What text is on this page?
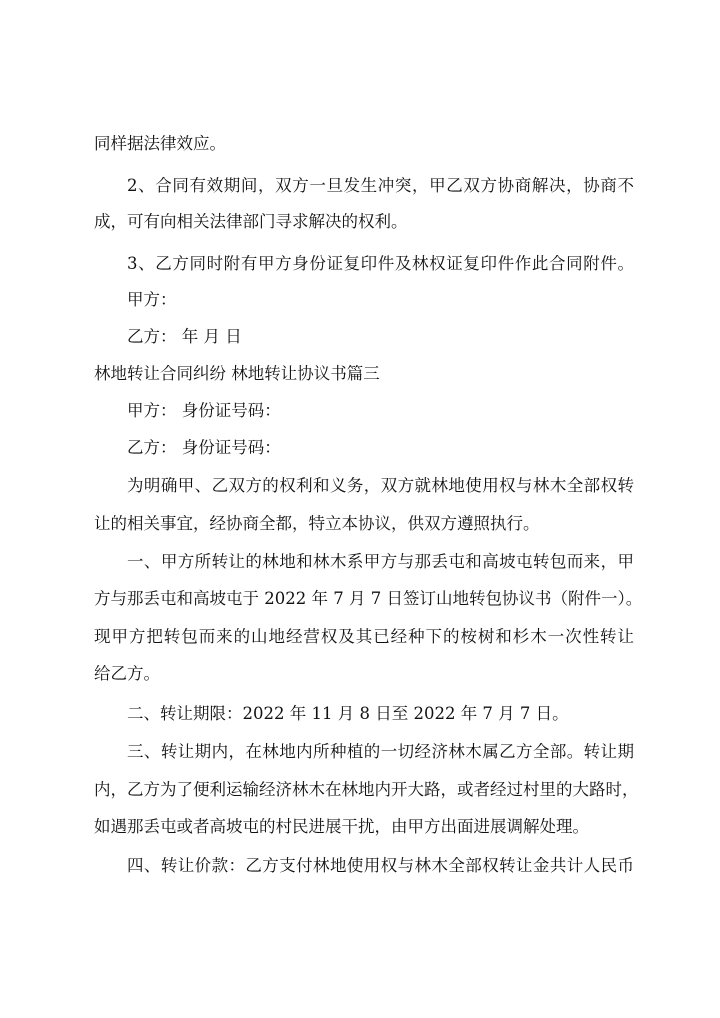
同样据法律效应。
2、合同有效期间，双方一旦发生冲突，甲乙双方协商解决，协商不
成，可有向相关法律部门寻求解决的权利。
3、乙方同时附有甲方身份证复印件及林权证复印件作此合同附件。
甲方：
乙方： 年 月 日
林地转让合同纠纷 林地转让协议书篇三
甲方： 身份证号码：
乙方： 身份证号码：
为明确甲、乙双方的权利和义务，双方就林地使用权与林木全部权转
让的相关事宜，经协商全都，特立本协议，供双方遵照执行。
一、甲方所转让的林地和林木系甲方与那丢屯和高坡屯转包而来，甲
方与那丢屯和高坡屯于 2022 年 7 月 7 日签订山地转包协议书（附件一）。
现甲方把转包而来的山地经营权及其已经种下的桉树和杉木一次性转让
给乙方。
二、转让期限：2022 年 11 月 8 日至 2022 年 7 月 7 日。
三、转让期内，在林地内所种植的一切经济林木属乙方全部。转让期
内，乙方为了便利运输经济林木在林地内开大路，或者经过村里的大路时，
如遇那丢屯或者高坡屯的村民进展干扰，由甲方出面进展调解处理。
四、转让价款：乙方支付林地使用权与林木全部权转让金共计人民币
